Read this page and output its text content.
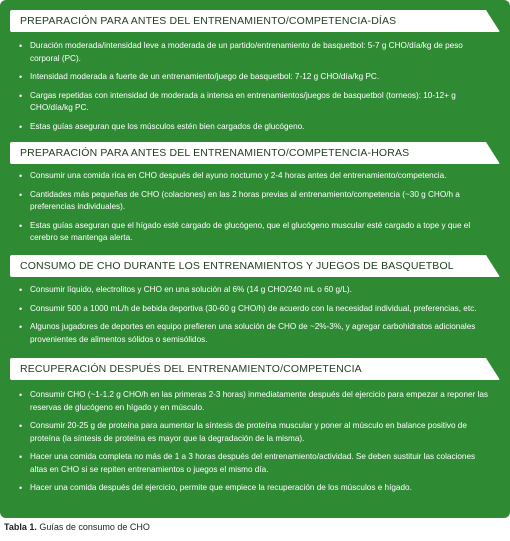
PREPARACIÓN PARA ANTES DEL ENTRENAMIENTO/COMPETENCIA-DÍAS
• Duración moderada/intensidad leve a moderada de un partido/entrenamiento de basquetbol: 5-7 g CHO/día/kg de peso corporal (PC).
• Intensidad moderada a fuerte de un entrenamiento/juego de basquetbol: 7-12 g CHO/día/kg PC.
• Cargas repetidas con intensidad de moderada a intensa en entrenamientos/juegos de basquetbol (torneos): 10-12+ g CHO/día/kg PC.
• Estas guías aseguran que los músculos estén bien cargados de glucógeno.
PREPARACIÓN PARA ANTES DEL ENTRENAMIENTO/COMPETENCIA-HORAS
• Consumir una comida rica en CHO después del ayuno nocturno y 2-4 horas antes del entrenamiento/competencia.
• Cantidades más pequeñas de CHO (colaciones) en las 2 horas previas al entrenamiento/competencia (~30 g CHO/h a preferencias individuales).
• Estas guías aseguran que el hígado esté cargado de glucógeno, que el glucógeno muscular esté cargado a tope y que el cerebro se mantenga alerta.
CONSUMO DE CHO DURANTE LOS ENTRENAMIENTOS Y JUEGOS DE BASQUETBOL
• Consumir líquido, electrolitos y CHO en una solución al 6% (14 g CHO/240 mL o 60 g/L).
• Consumir 500 a 1000 mL/h de bebida deportiva (30-60 g CHO/h) de acuerdo con la necesidad individual, preferencias, etc.
• Algunos jugadores de deportes en equipo prefieren una solución de CHO de ~2%-3%, y agregar carbohidratos adicionales provenientes de alimentos sólidos o semisólidos.
RECUPERACIÓN DESPUÉS DEL ENTRENAMIENTO/COMPETENCIA
• Consumir CHO (~1-1.2 g CHO/h en las primeras 2-3 horas) inmediatamente después del ejercicio para empezar a reponer las reservas de glucógeno en hígado y en músculo.
• Consumir 20-25 g de proteína para aumentar la síntesis de proteína muscular y poner al músculo en balance positivo de proteína (la síntesis de proteína es mayor que la degradación de la misma).
• Hacer una comida completa no más de 1 a 3 horas después del entrenamiento/actividad. Se deben sustituir las colaciones altas en CHO si se repiten entrenamientos o juegos el mismo día.
• Hacer una comida después del ejercicio, permite que empiece la recuperación de los músculos e hígado.
Tabla 1. Guías de consumo de CHO
